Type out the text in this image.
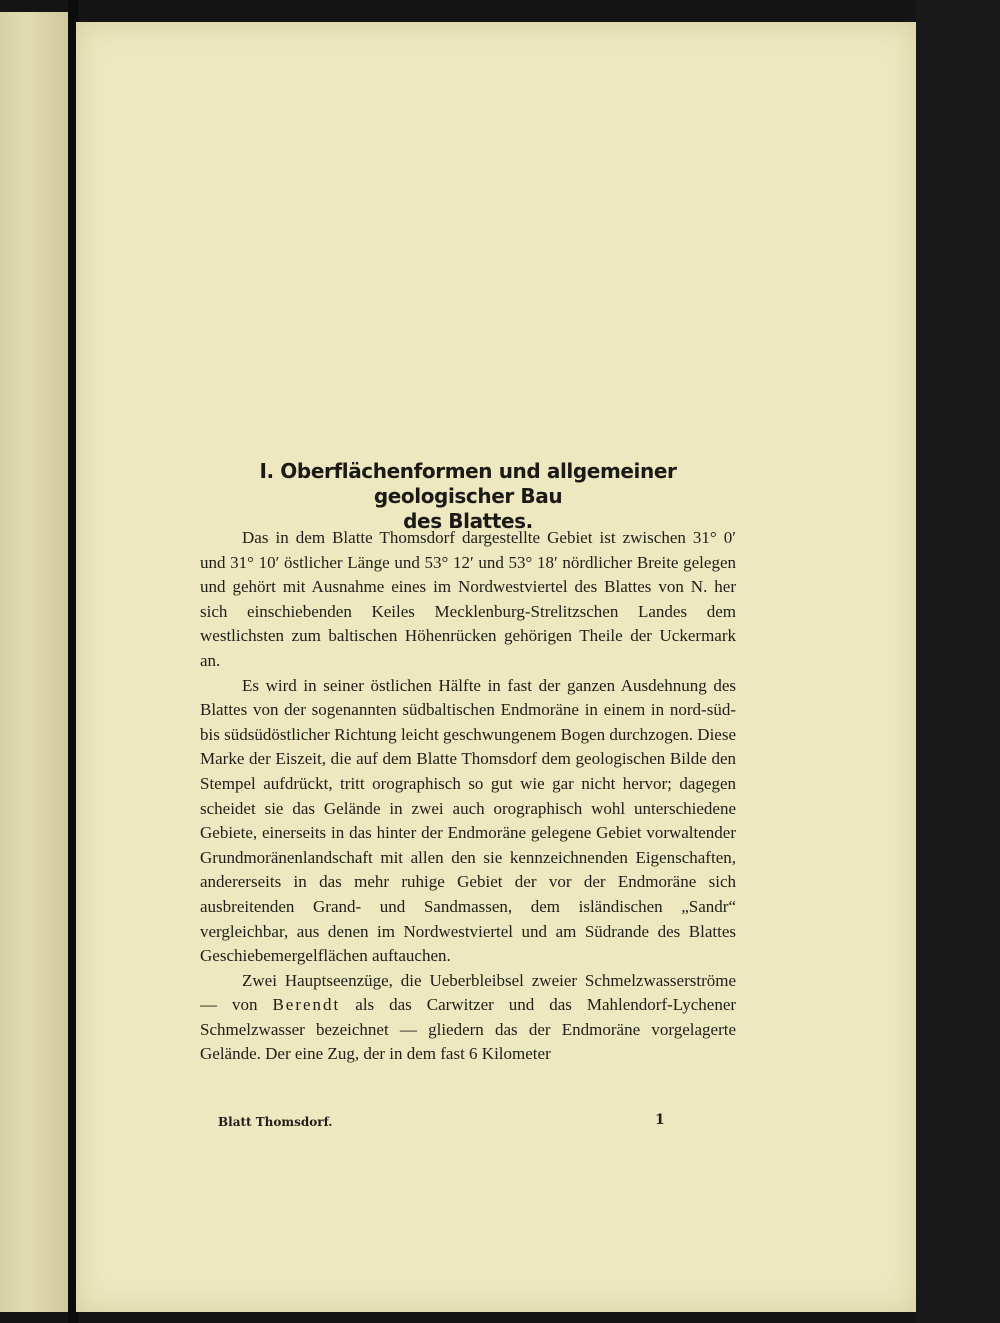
I. Oberflächenformen und allgemeiner geologischer Bau
des Blattes.

Das in dem Blatte Thomsdorf dargestellte Gebiet ist zwischen 31° 0′ und 31° 10′ östlicher Länge und 53° 12′ und 53° 18′ nördlicher Breite gelegen und gehört mit Ausnahme eines im Nordwestviertel des Blattes von N. her sich einschiebenden Keiles Mecklenburg-Strelitzschen Landes dem westlichsten zum baltischen Höhenrücken gehörigen Theile der Uckermark an.

Es wird in seiner östlichen Hälfte in fast der ganzen Ausdehnung des Blattes von der sogenannten südbaltischen Endmoräne in einem in nord-süd- bis südsüdöstlicher Richtung leicht geschwungenem Bogen durchzogen. Diese Marke der Eiszeit, die auf dem Blatte Thomsdorf dem geologischen Bilde den Stempel aufdrückt, tritt orographisch so gut wie gar nicht hervor; dagegen scheidet sie das Gelände in zwei auch orographisch wohl unterschiedene Gebiete, einerseits in das hinter der Endmoräne gelegene Gebiet vorwaltender Grundmoränenlandschaft mit allen den sie kennzeichnenden Eigenschaften, andererseits in das mehr ruhige Gebiet der vor der Endmoräne sich ausbreitenden Grand- und Sandmassen, dem isländischen „Sandr“ vergleichbar, aus denen im Nordwestviertel und am Südrande des Blattes Geschiebemergelflächen auftauchen.

Zwei Hauptseenzüge, die Ueberbleibsel zweier Schmelzwasserströme — von Berendt als das Carwitzer und das Mahlendorf-Lychener Schmelzwasser bezeichnet — gliedern das der Endmoräne vorgelagerte Gelände. Der eine Zug, der in dem fast 6 Kilometer

Blatt Thomsdorf.	1
